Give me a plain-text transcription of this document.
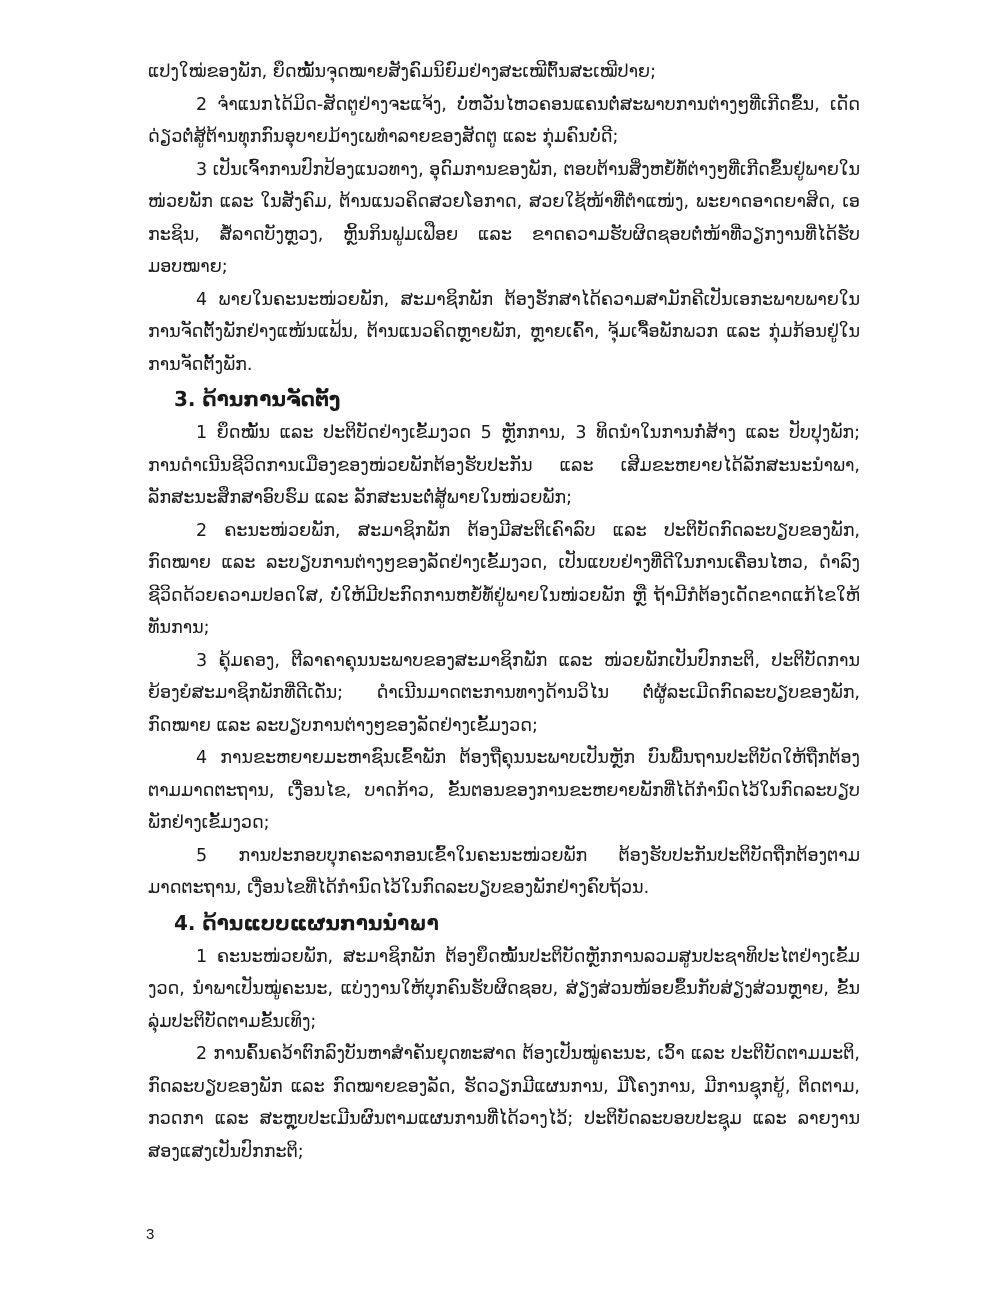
ແປງໃໝ່ຂອງພັກ, ຍຶດໝັ້ນຈຸດໝາຍສັງຄົມນິຍົມຢ່າງສະເໝີຕົ້ນສະເໝີປາຍ;

2 ຈຳແນກໄດ້ມິດ-ສັດຕູຢ່າງຈະແຈ້ງ, ບໍ່ຫວັ່ນໄຫວຄອນແຄນຕໍ່ສະພາບການຕ່າງໆທີ່ເກີດຂຶ້ນ, ເດັດດ່ຽວຕໍ່ສູ້ຕ້ານທຸກກົນອຸບາຍມ້າງເພທຳລາຍຂອງສັດຕູ ແລະ ກຸ່ມຄົນບໍ່ດີ;

3 ເປັນເຈົ້າການປົກປ້ອງແນວທາງ, ອຸດົມການຂອງພັກ, ຕອບຕ້ານສິ່ງຫຍໍ້ທໍ້ຕ່າງໆທີ່ເກີດຂຶ້ນຢູ່ພາຍໃນໜ່ວຍພັກ ແລະ ໃນສັງຄົມ, ຕ້ານແນວຄິດສວຍໂອກາດ, ສວຍໃຊ້ໜ້າທີ່ຕຳແໜ່ງ, ພະຍາດອາດຍາສິດ, ເອກະຊິນ, ສໍ້ລາດບັງຫຼວງ, ຫຼິ້ນກິນຟູມເຟືອຍ ແລະ ຂາດຄວາມຮັບຜິດຊອບຕໍ່ໜ້າທີ່ວຽກງານທີ່ໄດ້ຮັບມອບໝາຍ;

4 ພາຍໃນຄະນະໜ່ວຍພັກ, ສະມາຊິກພັກ ຕ້ອງຮັກສາໄດ້ຄວາມສາມັກຄີເປັນເອກະພາບພາຍໃນການຈັດຕັ້ງພັກຢ່າງແໜ້ນແຟ້ນ, ຕ້ານແນວຄິດຫຼາຍພັກ, ຫຼາຍເຄົ້າ, ຈຸ້ມເຈື້ອພັກພວກ ແລະ ກຸ່ມກ້ອນຢູ່ໃນການຈັດຕັ້ງພັກ.

3. ດ້ານການຈັດຕັ້ງ

1 ຍຶດໝັ້ນ ແລະ ປະຕິບັດຢ່າງເຂັ້ມງວດ 5 ຫຼັກການ, 3 ທິດນຳໃນການກໍ່ສ້າງ ແລະ ປັບປຸງພັກ; ການດຳເນີນຊີວິດການເມືອງຂອງໜ່ວຍພັກຕ້ອງຮັບປະກັນ ແລະ ເສີມຂະຫຍາຍໄດ້ລັກສະນະນຳພາ, ລັກສະນະສຶກສາອົບຮົມ ແລະ ລັກສະນະຕໍ່ສູ້ພາຍໃນໜ່ວຍພັກ;

2 ຄະນະໜ່ວຍພັກ, ສະມາຊິກພັກ ຕ້ອງມີສະຕິເຄົາລົບ ແລະ ປະຕິບັດກົດລະບຽບຂອງພັກ, ກົດໝາຍ ແລະ ລະບຽບການຕ່າງໆຂອງລັດຢ່າງເຂັ້ມງວດ, ເປັນແບບຢ່າງທີ່ດີໃນການເຄື່ອນໄຫວ, ດຳລົງຊີວິດດ້ວຍຄວາມປອດໃສ, ບໍ່ໃຫ້ມີປະກົດການຫຍໍ້ທໍ້ຢູ່ພາຍໃນໜ່ວຍພັກ ຫຼື ຖ້າມີກໍຕ້ອງເດັດຂາດແກ້ໄຂໃຫ້ທັນການ;

3 ຄຸ້ມຄອງ, ຕີລາຄາຄຸນນະພາບຂອງສະມາຊິກພັກ ແລະ ໜ່ວຍພັກເປັນປົກກະຕິ, ປະຕິບັດການຍ້ອງຍໍສະມາຊິກພັກທີ່ດີເດັ່ນ; ດຳເນີນມາດຕະການທາງດ້ານວິໄນ ຕໍ່ຜູ້ລະເມີດກົດລະບຽບຂອງພັກ, ກົດໝາຍ ແລະ ລະບຽບການຕ່າງໆຂອງລັດຢ່າງເຂັ້ມງວດ;

4 ການຂະຫຍາຍມະຫາຊົນເຂົ້າພັກ ຕ້ອງຖືຄຸນນະພາບເປັນຫຼັກ ບົນພື້ນຖານປະຕິບັດໃຫ້ຖືກຕ້ອງຕາມມາດຕະຖານ, ເງື່ອນໄຂ, ບາດກ້າວ, ຂັ້ນຕອນຂອງການຂະຫຍາຍພັກທີ່ໄດ້ກຳນົດໄວ້ໃນກົດລະບຽບພັກຢ່າງເຂັ້ມງວດ;

5 ການປະກອບບຸກຄະລາກອນເຂົ້າໃນຄະນະໜ່ວຍພັກ ຕ້ອງຮັບປະກັນປະຕິບັດຖືກຕ້ອງຕາມມາດຕະຖານ, ເງື່ອນໄຂທີ່ໄດ້ກຳນົດໄວ້ໃນກົດລະບຽບຂອງພັກຢ່າງຄົບຖ້ວນ.

4. ດ້ານແບບແຜນການນຳພາ

1 ຄະນະໜ່ວຍພັກ, ສະມາຊິກພັກ ຕ້ອງຍຶດໝັ້ນປະຕິບັດຫຼັກການລວມສູນປະຊາທິປະໄຕຢ່າງເຂັ້ມງວດ, ນຳພາເປັນໝູ່ຄະນະ, ແບ່ງງານໃຫ້ບຸກຄົນຮັບຜິດຊອບ, ສ່ຽງສ່ວນໜ້ອຍຂຶ້ນກັບສ່ຽງສ່ວນຫຼາຍ, ຂັ້ນລຸ່ມປະຕິບັດຕາມຂັ້ນເທິງ;

2 ການຄົ້ນຄວ້າຕົກລົງບັນຫາສຳຄັນຍຸດທະສາດ ຕ້ອງເປັນໝູ່ຄະນະ, ເວົ້າ ແລະ ປະຕິບັດຕາມມະຕິ, ກົດລະບຽບຂອງພັກ ແລະ ກົດໝາຍຂອງລັດ, ຮັດວຽກມີແຜນການ, ມີໂຄງການ, ມີການຊຸກຍູ້, ຕິດຕາມ, ກວດກາ ແລະ ສະຫຼຸບປະເມີນຜົນຕາມແຜນການທີ່ໄດ້ວາງໄວ້; ປະຕິບັດລະບອບປະຊຸມ ແລະ ລາຍງານສອງແສງເປັນປົກກະຕິ;

3
